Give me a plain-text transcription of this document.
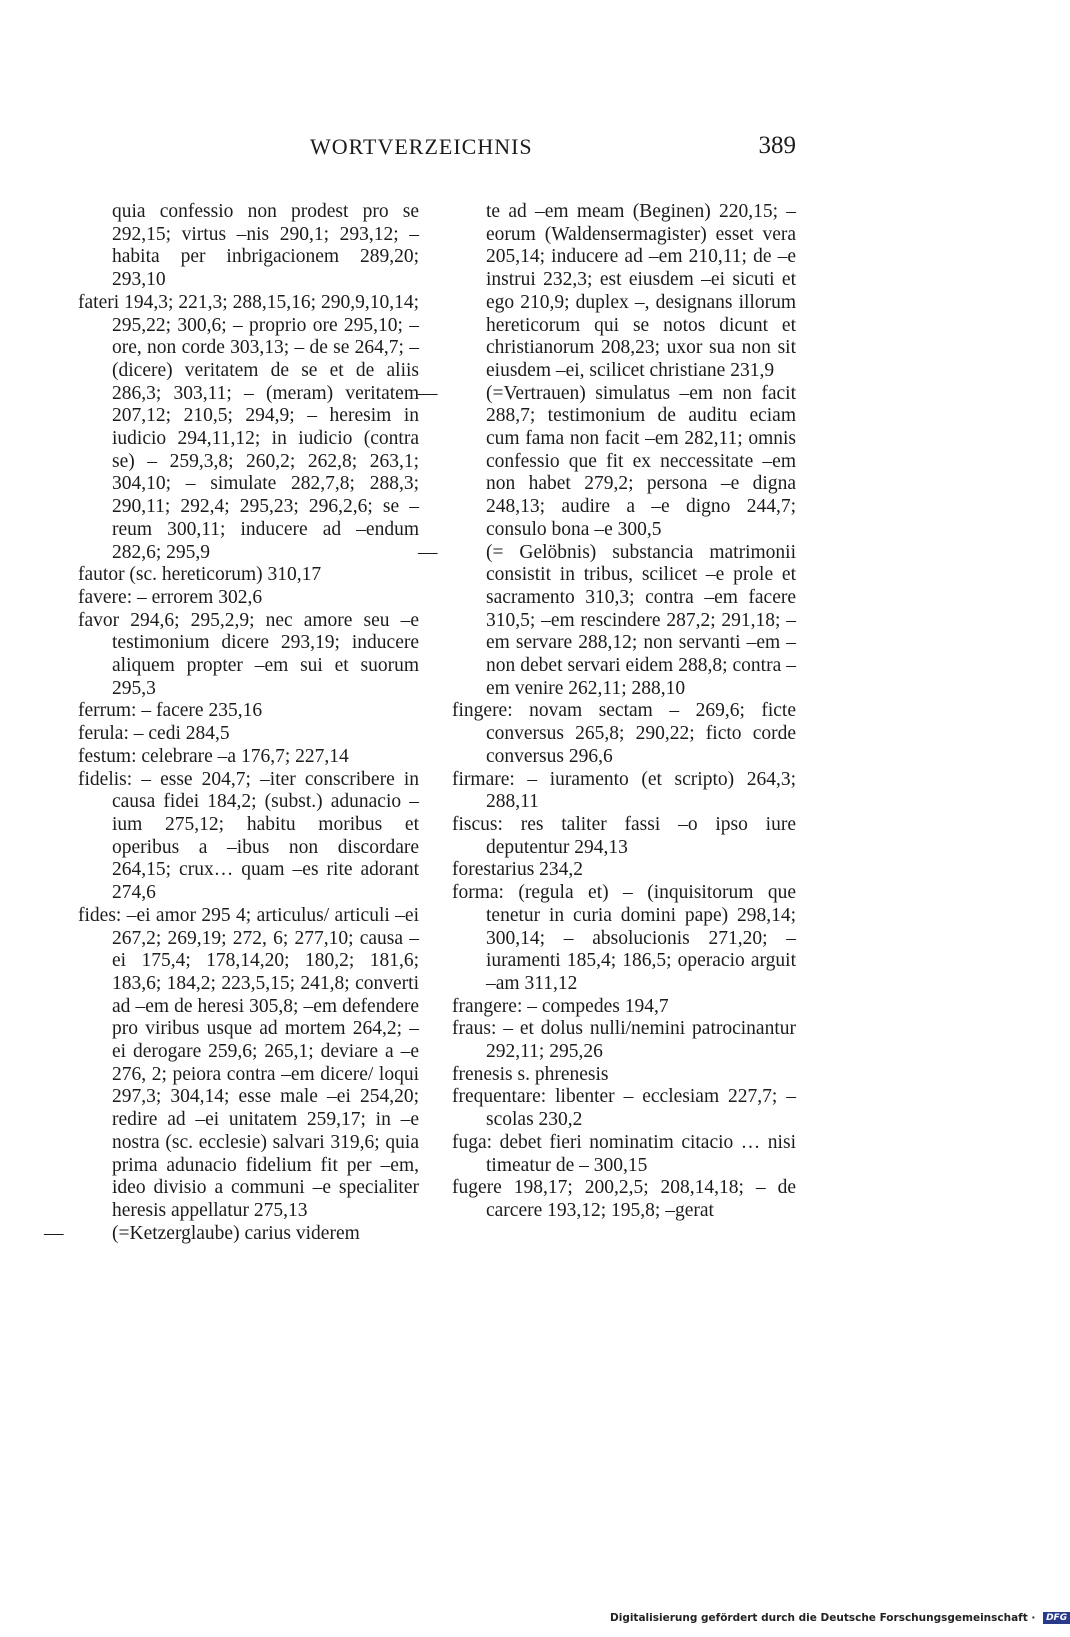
WORTVERZEICHNIS	389

quia confessio non prodest pro se 292,15; virtus –nis 290,1; 293,12; – habita per inbrigacionem 289,20; 293,10

fateri 194,3; 221,3; 288,15,16; 290,9,10,14; 295,22; 300,6; – proprio ore 295,10; – ore, non corde 303,13; – de se 264,7; – (dicere) veritatem de se et de aliis 286,3; 303,11; – (meram) veritatem 207,12; 210,5; 294,9; – heresim in iudicio 294,11,12; in iudicio (contra se) – 259,3,8; 260,2; 262,8; 263,1; 304,10; – simulate 282,7,8; 288,3; 290,11; 292,4; 295,23; 296,2,6; se – reum 300,11; inducere ad –endum 282,6; 295,9

fautor (sc. hereticorum) 310,17

favere: – errorem 302,6

favor 294,6; 295,2,9; nec amore seu –e testimonium dicere 293,19; inducere aliquem propter –em sui et suorum 295,3

ferrum: – facere 235,16

ferula: – cedi 284,5

festum: celebrare –a 176,7; 227,14

fidelis: – esse 204,7; –iter conscribere in causa fidei 184,2; (subst.) adunacio –ium 275,12; habitu moribus et operibus a –ibus non discordare 264,15; crux… quam –es rite adorant 274,6

fides: –ei amor 295 4; articulus/ articuli –ei 267,2; 269,19; 272, 6; 277,10; causa –ei 175,4; 178,14,20; 180,2; 181,6; 183,6; 184,2; 223,5,15; 241,8; converti ad –em de heresi 305,8; –em defendere pro viribus usque ad mortem 264,2; –ei derogare 259,6; 265,1; deviare a –e 276, 2; peiora contra –em dicere/ loqui 297,3; 304,14; esse male –ei 254,20; redire ad –ei unitatem 259,17; in –e nostra (sc. ecclesie) salvari 319,6; quia prima adunacio fidelium fit per –em, ideo divisio a communi –e specialiter heresis appellatur 275,13

— (=Ketzerglaube) carius viderem

te ad –em meam (Beginen) 220,15; – eorum (Waldensermagister) esset vera 205,14; inducere ad –em 210,11; de –e instrui 232,3; est eiusdem –ei sicuti et ego 210,9; duplex –, designans illorum hereticorum qui se notos dicunt et christianorum 208,23; uxor sua non sit eiusdem –ei, scilicet christiane 231,9

— (=Vertrauen) simulatus –em non facit 288,7; testimonium de auditu eciam cum fama non facit –em 282,11; omnis confessio que fit ex neccessitate –em non habet 279,2; persona –e digna 248,13; audire a –e digno 244,7; consulo bona –e 300,5

— (= Gelöbnis) substancia matrimonii consistit in tribus, scilicet –e prole et sacramento 310,3; contra –em facere 310,5; –em rescindere 287,2; 291,18; –em servare 288,12; non servanti –em – non debet servari eidem 288,8; contra –em venire 262,11; 288,10

fingere: novam sectam – 269,6; ficte conversus 265,8; 290,22; ficto corde conversus 296,6

firmare: – iuramento (et scripto) 264,3; 288,11

fiscus: res taliter fassi –o ipso iure deputentur 294,13

forestarius 234,2

forma: (regula et) – (inquisitorum que tenetur in curia domini pape) 298,14; 300,14; – absolucionis 271,20; – iuramenti 185,4; 186,5; operacio arguit –am 311,12

frangere: – compedes 194,7

fraus: – et dolus nulli/nemini patrocinantur 292,11; 295,26

frenesis s. phrenesis

frequentare: libenter – ecclesiam 227,7; – scolas 230,2

fuga: debet fieri nominatim citacio … nisi timeatur de – 300,15

fugere 198,17; 200,2,5; 208,14,18; – de carcere 193,12; 195,8; –gerat

Digitalisierung gefördert durch die Deutsche Forschungsgemeinschaft · DFG
